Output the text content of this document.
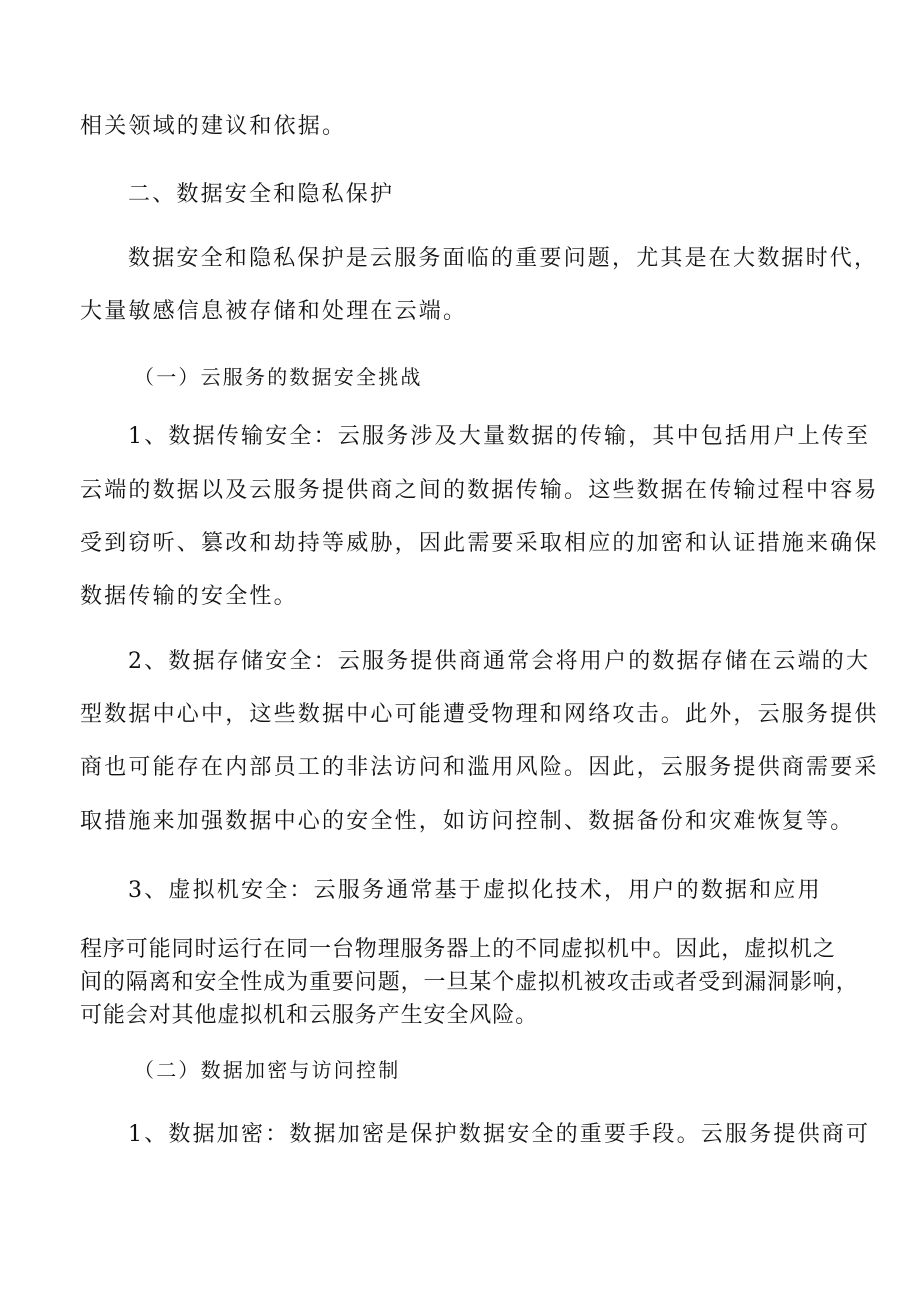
相关领域的建议和依据。

二、数据安全和隐私保护

数据安全和隐私保护是云服务面临的重要问题，尤其是在大数据时代，

大量敏感信息被存储和处理在云端。

（一）云服务的数据安全挑战

1、数据传输安全：云服务涉及大量数据的传输，其中包括用户上传至

云端的数据以及云服务提供商之间的数据传输。这些数据在传输过程中容易

受到窃听、篡改和劫持等威胁，因此需要采取相应的加密和认证措施来确保

数据传输的安全性。

2、数据存储安全：云服务提供商通常会将用户的数据存储在云端的大

型数据中心中，这些数据中心可能遭受物理和网络攻击。此外，云服务提供

商也可能存在内部员工的非法访问和滥用风险。因此，云服务提供商需要采

取措施来加强数据中心的安全性，如访问控制、数据备份和灾难恢复等。

3、虚拟机安全：云服务通常基于虚拟化技术，用户的数据和应用

程序可能同时运行在同一台物理服务器上的不同虚拟机中。因此，虚拟机之

间的隔离和安全性成为重要问题，一旦某个虚拟机被攻击或者受到漏洞影响，

可能会对其他虚拟机和云服务产生安全风险。

（二）数据加密与访问控制

1、数据加密：数据加密是保护数据安全的重要手段。云服务提供商可
